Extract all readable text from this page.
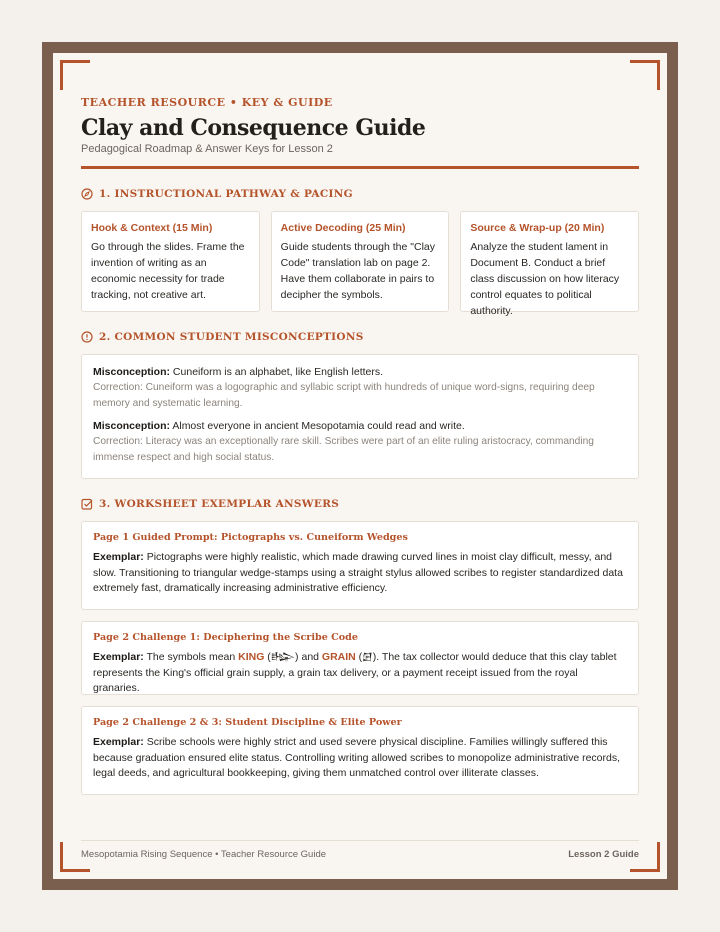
TEACHER RESOURCE • KEY & GUIDE
Clay and Consequence Guide
Pedagogical Roadmap & Answer Keys for Lesson 2
1. INSTRUCTIONAL PATHWAY & PACING
Hook & Context (15 Min)
Go through the slides. Frame the invention of writing as an economic necessity for trade tracking, not creative art.
Active Decoding (25 Min)
Guide students through the "Clay Code" translation lab on page 2. Have them collaborate in pairs to decipher the symbols.
Source & Wrap-up (20 Min)
Analyze the student lament in Document B. Conduct a brief class discussion on how literacy control equates to political authority.
2. COMMON STUDENT MISCONCEPTIONS
Misconception: Cuneiform is an alphabet, like English letters.
Correction: Cuneiform was a logographic and syllabic script with hundreds of unique word-signs, requiring deep memory and systematic learning.
Misconception: Almost everyone in ancient Mesopotamia could read and write.
Correction: Literacy was an exceptionally rare skill. Scribes were part of an elite ruling aristocracy, commanding immense respect and high social status.
3. WORKSHEET EXEMPLAR ANSWERS
Page 1 Guided Prompt: Pictographs vs. Cuneiform Wedges
Exemplar: Pictographs were highly realistic, which made drawing curved lines in moist clay difficult, messy, and slow. Transitioning to triangular wedge-stamps using a straight stylus allowed scribes to register standardized data extremely fast, dramatically increasing administrative efficiency.
Page 2 Challenge 1: Deciphering the Scribe Code
Exemplar: The symbols mean KING (𒈗) and GRAIN (𒌆). The tax collector would deduce that this clay tablet represents the King's official grain supply, a grain tax delivery, or a payment receipt issued from the royal granaries.
Page 2 Challenge 2 & 3: Student Discipline & Elite Power
Exemplar: Scribe schools were highly strict and used severe physical discipline. Families willingly suffered this because graduation ensured elite status. Controlling writing allowed scribes to monopolize administrative records, legal deeds, and agricultural bookkeeping, giving them unmatched control over illiterate classes.
Mesopotamia Rising Sequence • Teacher Resource Guide	Lesson 2 Guide
